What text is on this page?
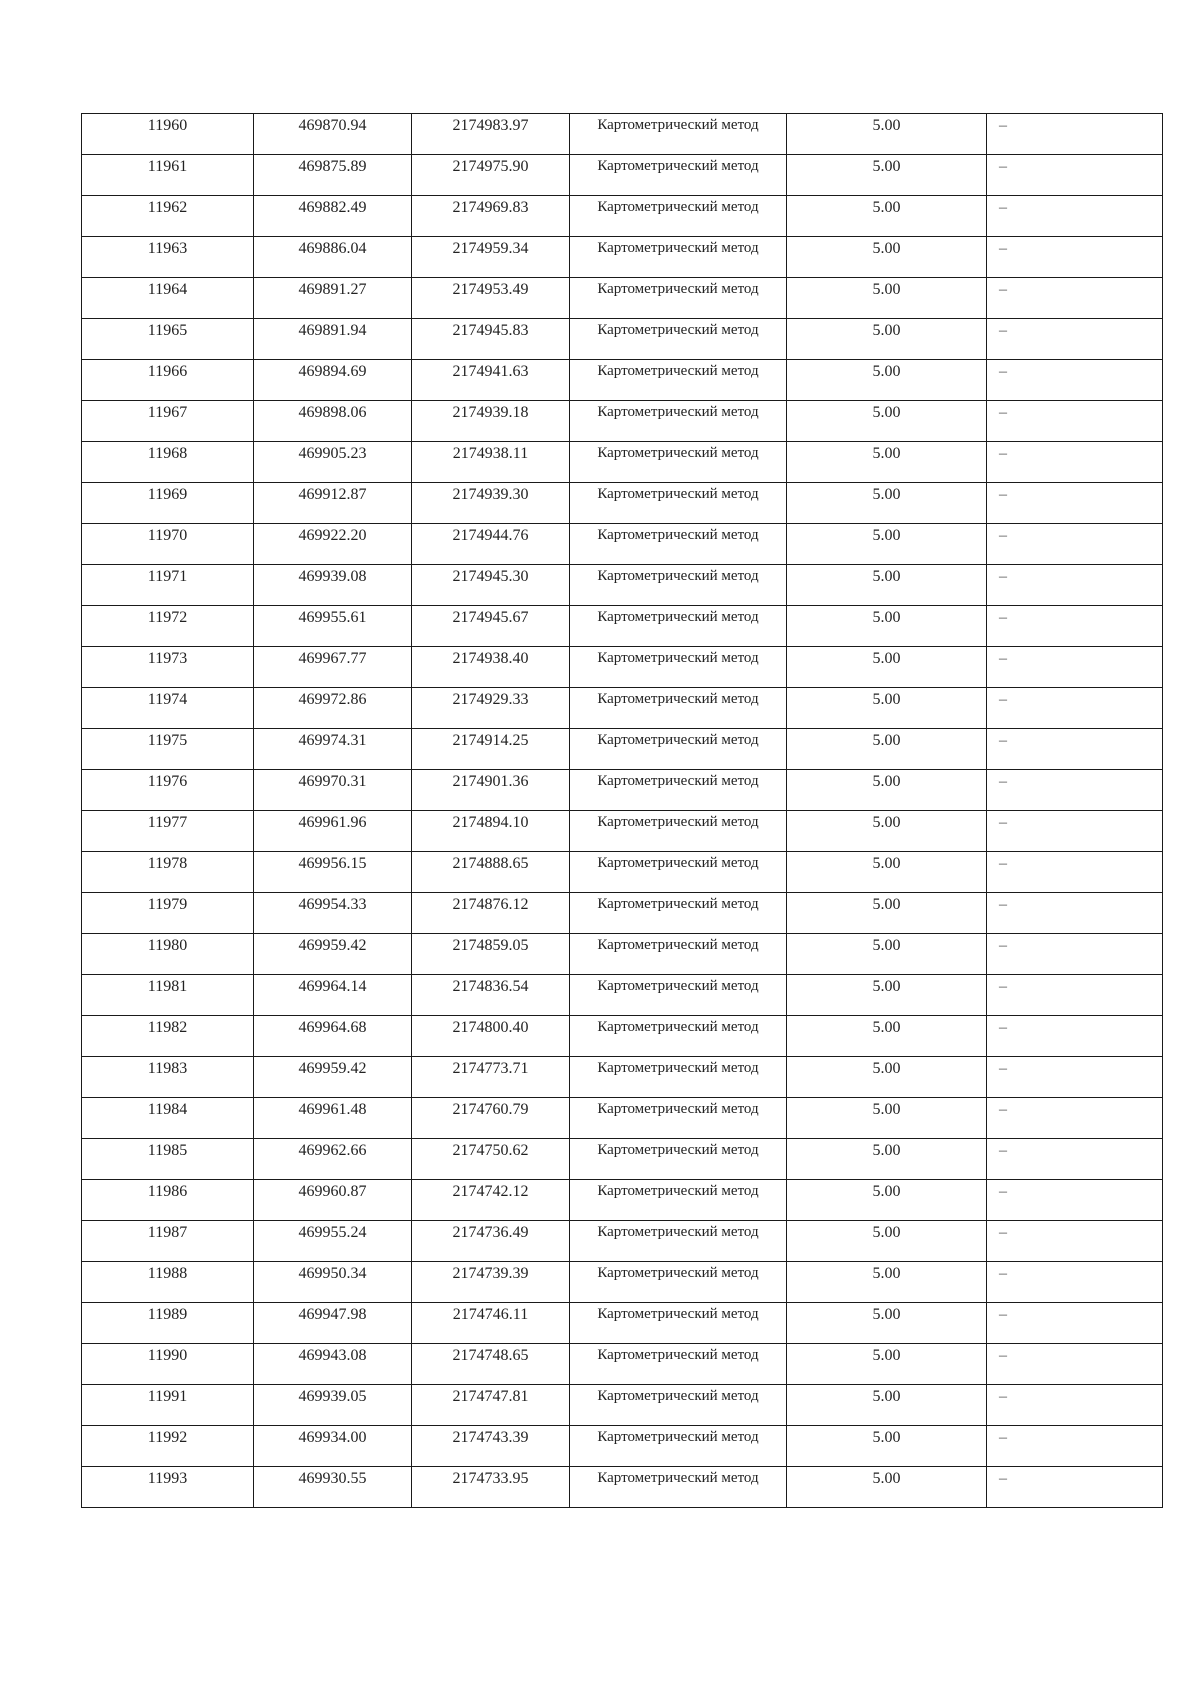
11960	469870.94	2174983.97	Картометрический метод	5.00	–
11961	469875.89	2174975.90	Картометрический метод	5.00	–
11962	469882.49	2174969.83	Картометрический метод	5.00	–
11963	469886.04	2174959.34	Картометрический метод	5.00	–
11964	469891.27	2174953.49	Картометрический метод	5.00	–
11965	469891.94	2174945.83	Картометрический метод	5.00	–
11966	469894.69	2174941.63	Картометрический метод	5.00	–
11967	469898.06	2174939.18	Картометрический метод	5.00	–
11968	469905.23	2174938.11	Картометрический метод	5.00	–
11969	469912.87	2174939.30	Картометрический метод	5.00	–
11970	469922.20	2174944.76	Картометрический метод	5.00	–
11971	469939.08	2174945.30	Картометрический метод	5.00	–
11972	469955.61	2174945.67	Картометрический метод	5.00	–
11973	469967.77	2174938.40	Картометрический метод	5.00	–
11974	469972.86	2174929.33	Картометрический метод	5.00	–
11975	469974.31	2174914.25	Картометрический метод	5.00	–
11976	469970.31	2174901.36	Картометрический метод	5.00	–
11977	469961.96	2174894.10	Картометрический метод	5.00	–
11978	469956.15	2174888.65	Картометрический метод	5.00	–
11979	469954.33	2174876.12	Картометрический метод	5.00	–
11980	469959.42	2174859.05	Картометрический метод	5.00	–
11981	469964.14	2174836.54	Картометрический метод	5.00	–
11982	469964.68	2174800.40	Картометрический метод	5.00	–
11983	469959.42	2174773.71	Картометрический метод	5.00	–
11984	469961.48	2174760.79	Картометрический метод	5.00	–
11985	469962.66	2174750.62	Картометрический метод	5.00	–
11986	469960.87	2174742.12	Картометрический метод	5.00	–
11987	469955.24	2174736.49	Картометрический метод	5.00	–
11988	469950.34	2174739.39	Картометрический метод	5.00	–
11989	469947.98	2174746.11	Картометрический метод	5.00	–
11990	469943.08	2174748.65	Картометрический метод	5.00	–
11991	469939.05	2174747.81	Картометрический метод	5.00	–
11992	469934.00	2174743.39	Картометрический метод	5.00	–
11993	469930.55	2174733.95	Картометрический метод	5.00	–
